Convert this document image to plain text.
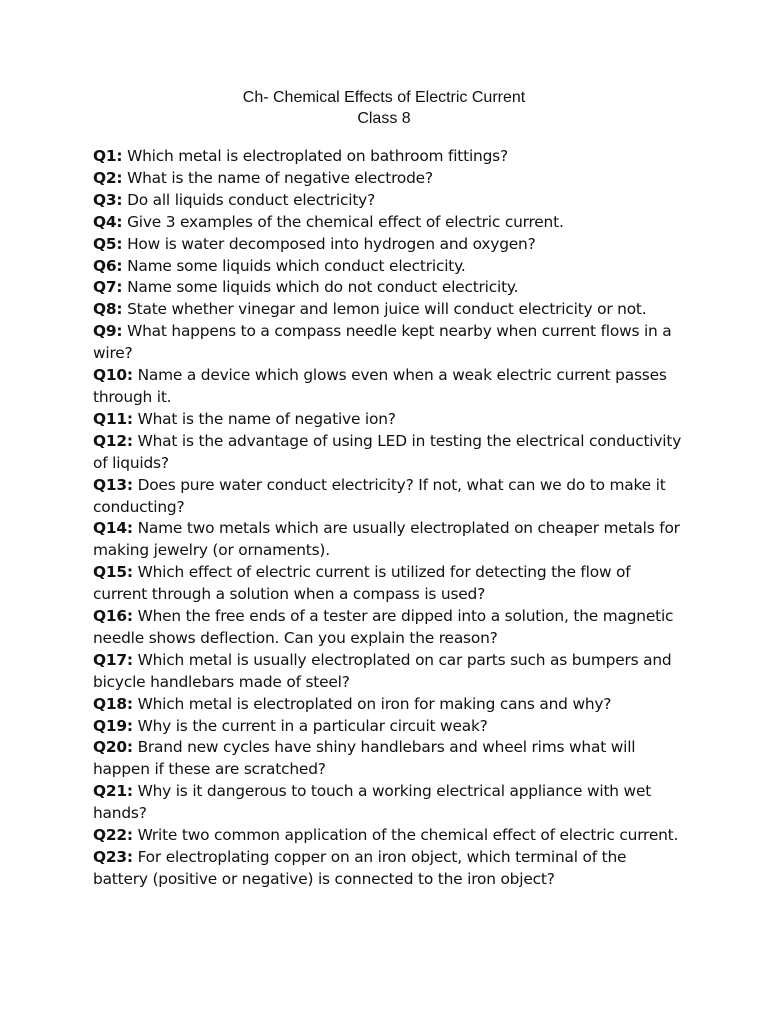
Ch- Chemical Effects of Electric Current
Class 8

Q1: Which metal is electroplated on bathroom fittings?

Q2: What is the name of negative electrode?

Q3: Do all liquids conduct electricity?

Q4: Give 3 examples of the chemical effect of electric current.

Q5: How is water decomposed into hydrogen and oxygen?

Q6: Name some liquids which conduct electricity.

Q7: Name some liquids which do not conduct electricity.

Q8: State whether vinegar and lemon juice will conduct electricity or not.

Q9: What happens to a compass needle kept nearby when current flows in a wire?

Q10: Name a device which glows even when a weak electric current passes through it.

Q11: What is the name of negative ion?

Q12: What is the advantage of using LED in testing the electrical conductivity of liquids?

Q13: Does pure water conduct electricity? If not, what can we do to make it conducting?

Q14: Name two metals which are usually electroplated on cheaper metals for making jewelry (or ornaments).

Q15: Which effect of electric current is utilized for detecting the flow of current through a solution when a compass is used?

Q16: When the free ends of a tester are dipped into a solution, the magnetic needle shows deflection. Can you explain the reason?

Q17: Which metal is usually electroplated on car parts such as bumpers and bicycle handlebars made of steel?

Q18: Which metal is electroplated on iron for making cans and why?

Q19: Why is the current in a particular circuit weak?

Q20: Brand new cycles have shiny handlebars and wheel rims what will happen if these are scratched?

Q21: Why is it dangerous to touch a working electrical appliance with wet hands?

Q22: Write two common application of the chemical effect of electric current.

Q23: For electroplating copper on an iron object, which terminal of the battery (positive or negative) is connected to the iron object?
